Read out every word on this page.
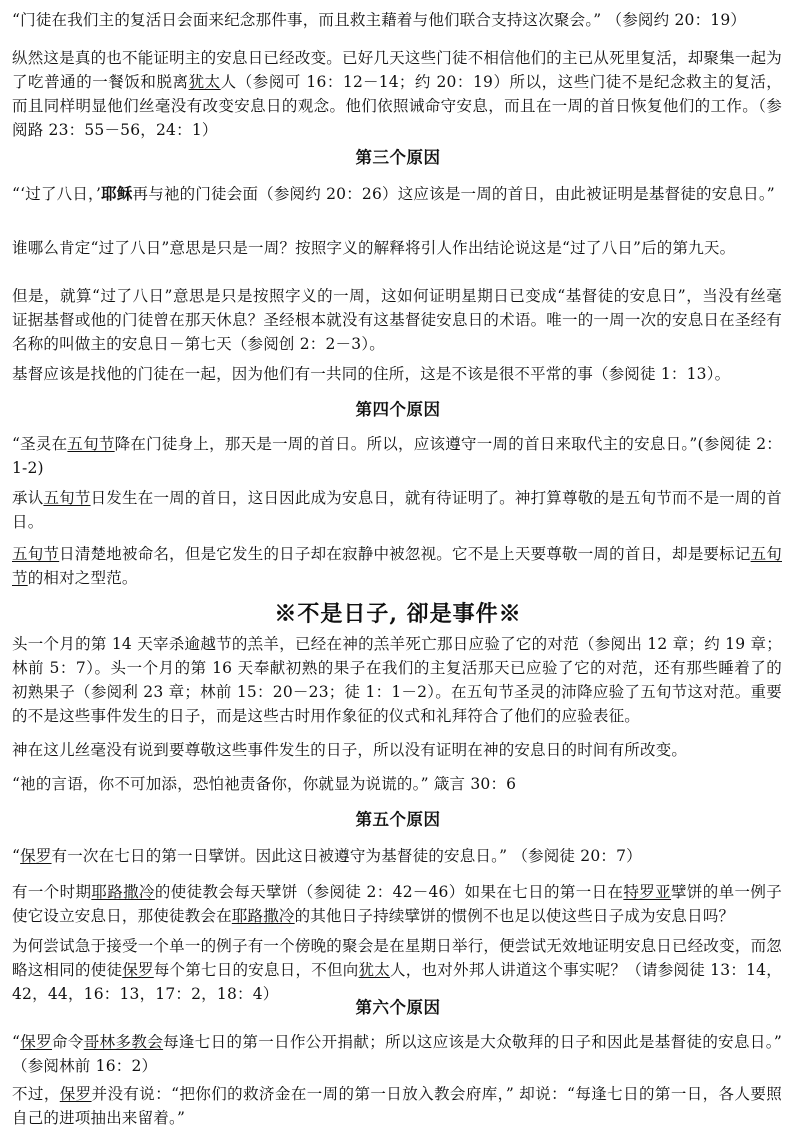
“门徒在我们主的复活日会面来纪念那件事，而且救主藉着与他们联合支持这次聚会。” （参阅约 20：19）

纵然这是真的也不能证明主的安息日已经改变。已好几天这些门徒不相信他们的主已从死里复活，却聚集一起为了吃普通的一餐饭和脱离犹太人（参阅可 16：12－14；约 20：19）所以，这些门徒不是纪念救主的复活，而且同样明显他们丝毫没有改变安息日的观念。他们依照诫命守安息，而且在一周的首日恢复他们的工作。（参阅路 23：55－56，24：1）

第三个原因

“‘过了八日，’耶稣再与祂的门徒会面（参阅约 20：26）这应该是一周的首日，由此被证明是基督徒的安息日。”

谁哪么肯定“过了八日”意思是只是一周？按照字义的解释将引人作出结论说这是“过了八日”后的第九天。

但是，就算“过了八日”意思是只是按照字义的一周，这如何证明星期日已变成“基督徒的安息日”，当没有丝毫证据基督或他的门徒曾在那天休息？圣经根本就没有这基督徒安息日的术语。唯一的一周一次的安息日在圣经有名称的叫做主的安息日－第七天（参阅创 2：2－3）。

基督应该是找他的门徒在一起，因为他们有一共同的住所，这是不该是很不平常的事（参阅徒 1：13）。

第四个原因

“圣灵在五旬节降在门徒身上，那天是一周的首日。所以，应该遵守一周的首日来取代主的安息日。”(参阅徒 2：1-2)

承认五旬节日发生在一周的首日，这日因此成为安息日，就有待证明了。神打算尊敬的是五旬节而不是一周的首日。

五旬节日清楚地被命名，但是它发生的日子却在寂静中被忽视。它不是上天要尊敬一周的首日，却是要标记五旬节的相对之型范。

※不是日子, 卻是事件※

头一个月的第 14 天宰杀逾越节的羔羊，已经在神的羔羊死亡那日应验了它的对范（参阅出 12 章；约 19 章；林前 5：7）。头一个月的第 16 天奉献初熟的果子在我们的主复活那天已应验了它的对范，还有那些睡着了的初熟果子（参阅利 23 章；林前 15：20－23；徒 1：1－2）。在五旬节圣灵的沛降应验了五旬节这对范。重要的不是这些事件发生的日子，而是这些古时用作象征的仪式和礼拜符合了他们的应验表征。

神在这儿丝毫没有说到要尊敬这些事件发生的日子，所以没有证明在神的安息日的时间有所改变。

“祂的言语，你不可加添，恐怕祂责备你，你就显为说谎的。” 箴言 30：6

第五个原因

“保罗有一次在七日的第一日擘饼。因此这日被遵守为基督徒的安息日。” （参阅徒 20：7）

有一个时期耶路撒冷的使徒教会每天擘饼（参阅徒 2：42－46）如果在七日的第一日在特罗亚擘饼的单一例子使它设立安息日，那使徒教会在耶路撒冷的其他日子持续擘饼的惯例不也足以使这些日子成为安息日吗？

为何尝试急于接受一个单一的例子有一个傍晚的聚会是在星期日举行，便尝试无效地证明安息日已经改变，而忽略这相同的使徒保罗每个第七日的安息日，不但向犹太人，也对外邦人讲道这个事实呢？（请参阅徒 13：14，42，44，16：13，17：2，18：4）

第六个原因

“保罗命令哥林多教会每逢七日的第一日作公开捐献；所以这应该是大众敬拜的日子和因此是基督徒的安息日。” （参阅林前 16：2）

不过，保罗并没有说：“把你们的救济金在一周的第一日放入教会府库，” 却说：“每逢七日的第一日，各人要照自己的进项抽出来留着。”
